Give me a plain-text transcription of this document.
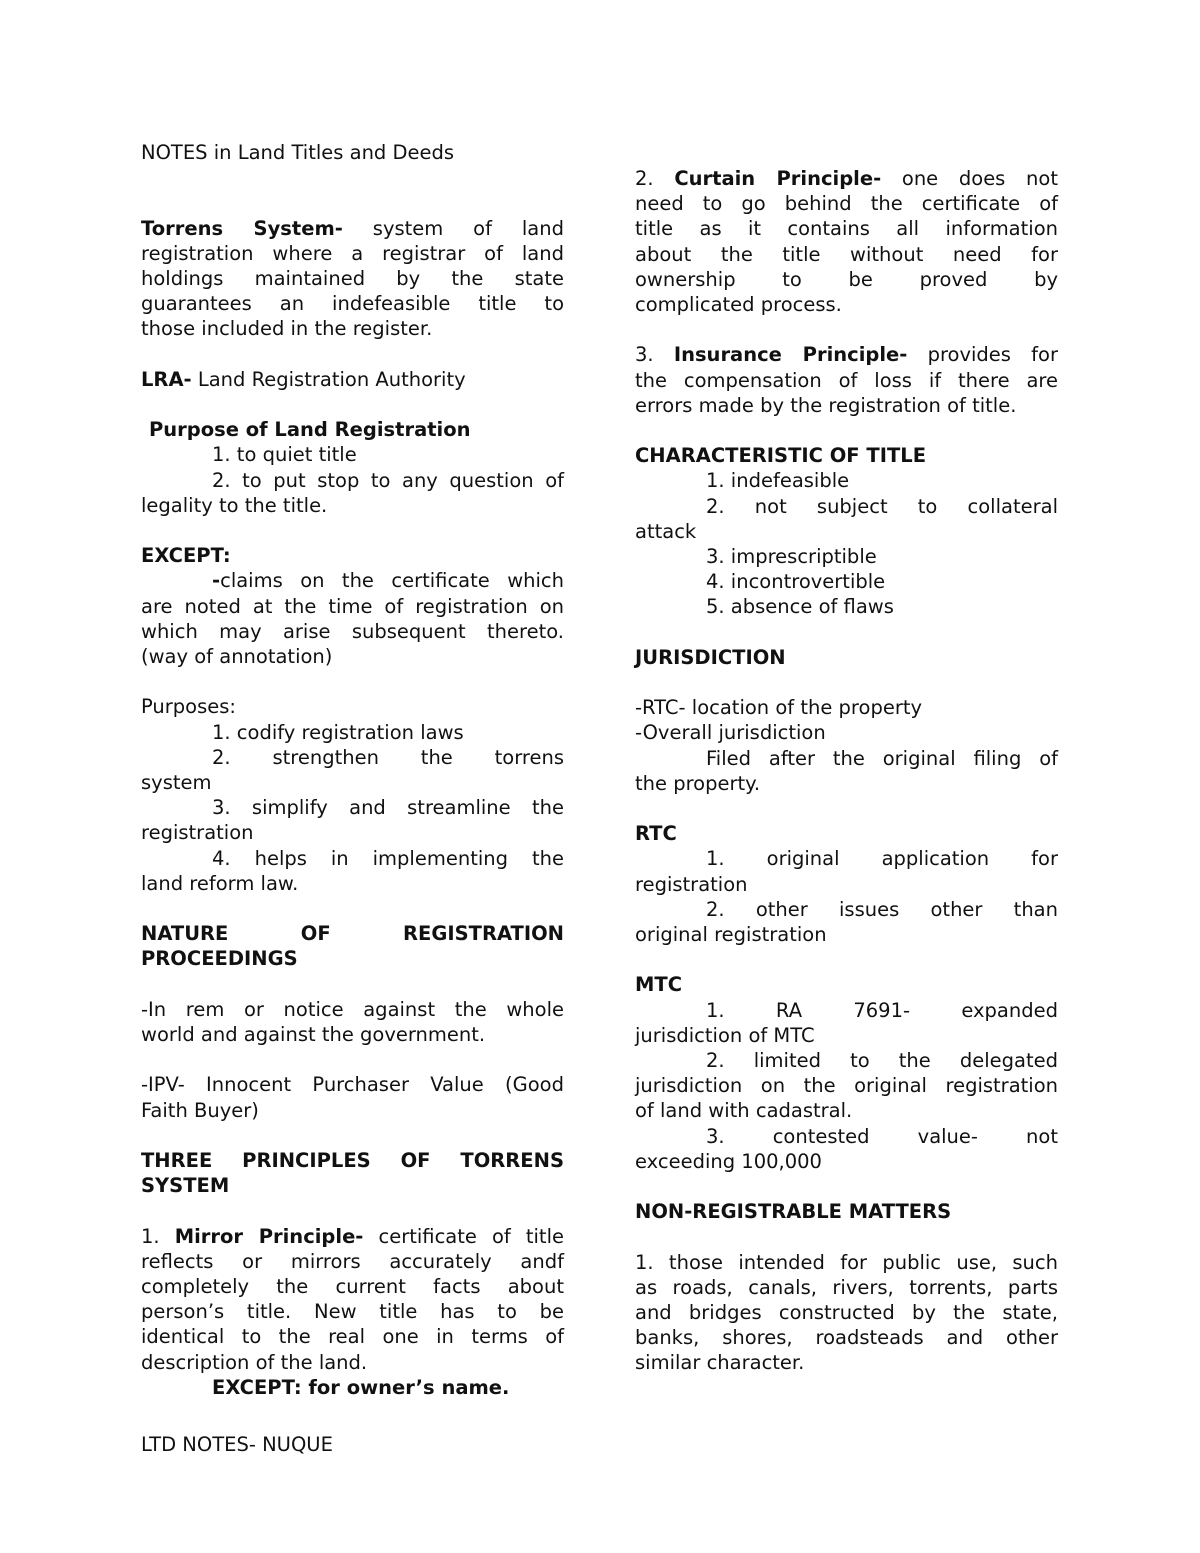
NOTES in Land Titles and Deeds

Torrens System- system of land

registration where a registrar of land

holdings maintained by the state

guarantees an indefeasible title to

those included in the register.

LRA- Land Registration Authority

Purpose of Land Registration

1. to quiet title

2. to put stop to any question of

legality to the title.

EXCEPT:

-claims on the certificate which

are noted at the time of registration on

which may arise subsequent thereto.

(way of annotation)

Purposes:

1. codify registration laws

2. strengthen the torrens

system

3. simplify and streamline the

registration

4. helps in implementing the

land reform law.

NATURE OF REGISTRATION

PROCEEDINGS

-In rem or notice against the whole

world and against the government.

-IPV- Innocent Purchaser Value (Good

Faith Buyer)

THREE PRINCIPLES OF TORRENS

SYSTEM

1. Mirror Principle- certificate of title

reflects or mirrors accurately andf

completely the current facts about

person’s title. New title has to be

identical to the real one in terms of

description of the land.

EXCEPT: for owner’s name.

2. Curtain Principle- one does not

need to go behind the certificate of

title as it contains all information

about the title without need for

ownership to be proved by

complicated process.

3. Insurance Principle- provides for

the compensation of loss if there are

errors made by the registration of title.

CHARACTERISTIC OF TITLE

1. indefeasible

2. not subject to collateral

attack

3. imprescriptible

4. incontrovertible

5. absence of flaws

JURISDICTION

-RTC- location of the property

-Overall jurisdiction

Filed after the original filing of

the property.

RTC

1. original application for

registration

2. other issues other than

original registration

MTC

1. RA 7691- expanded

jurisdiction of MTC

2. limited to the delegated

jurisdiction on the original registration

of land with cadastral.

3. contested value- not

exceeding 100,000

NON-REGISTRABLE MATTERS

1. those intended for public use, such

as roads, canals, rivers, torrents, parts

and bridges constructed by the state,

banks, shores, roadsteads and other

similar character.

LTD NOTES- NUQUE
